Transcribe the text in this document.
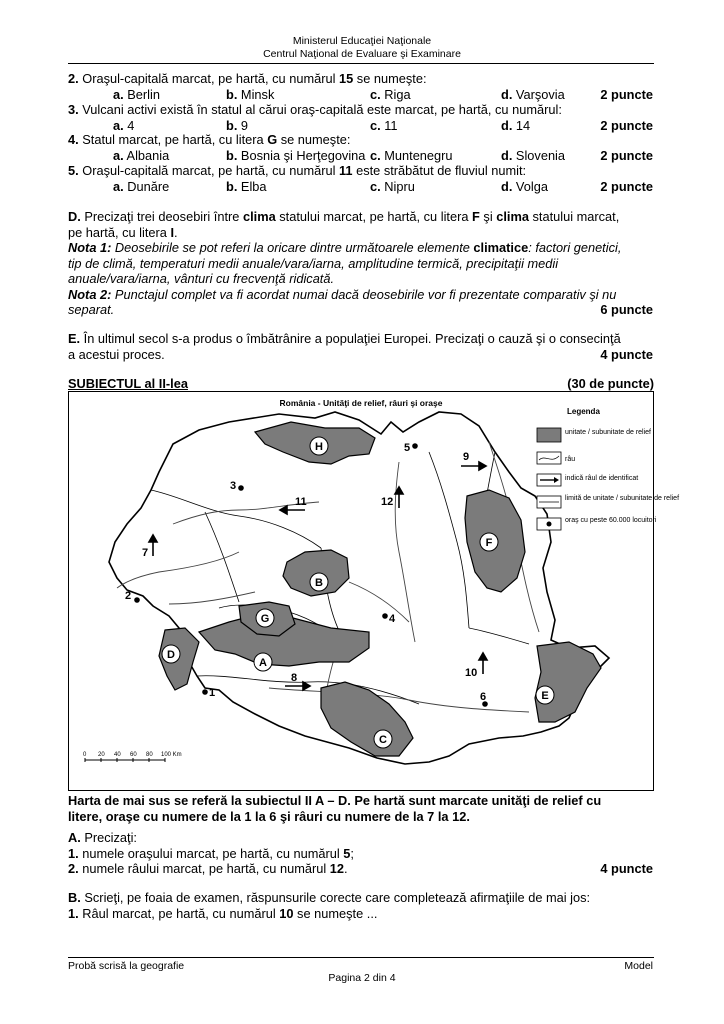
Ministerul Educaţiei Naţionale
Centrul Naţional de Evaluare şi Examinare
2. Oraşul-capitală marcat, pe hartă, cu numărul 15 se numeşte:
a. Berlin	b. Minsk	c. Riga	d. Varşovia	2 puncte
3. Vulcani activi există în statul al cărui oraş-capitală este marcat, pe hartă, cu numărul:
a. 4	b. 9	c. 11	d. 14	2 puncte
4. Statul marcat, pe hartă, cu litera G se numeşte:
a. Albania	b. Bosnia şi Herţegovina c. Muntenegru	d. Slovenia	2 puncte
5. Oraşul-capitală marcat, pe hartă, cu numărul 11 este străbătut de fluviul numit:
a. Dunăre	b. Elba	c. Nipru	d. Volga	2 puncte
D. Precizaţi trei deosebiri între clima statului marcat, pe hartă, cu litera F şi clima statului marcat,
pe hartă, cu litera I.
Nota 1: Deosebirile se pot referi la oricare dintre următoarele elemente climatice: factori genetici,
tip de climă, temperaturi medii anuale/vara/iarna, amplitudine termică, precipitaţii medii
anuale/vara/iarna, vânturi cu frecvenţă ridicată.
Nota 2: Punctajul complet va fi acordat numai dacă deosebirile vor fi prezentate comparativ şi nu
separat.	6 puncte
E. În ultimul secol s-a produs o îmbătrânire a populaţiei Europei. Precizaţi o cauză şi o consecinţă
a acestui proces.	4 puncte
SUBIECTUL al II-lea	(30 de puncte)
România - Unităţi de relief, râuri şi oraşe
H
F
B
G
D
A
E
C
1
2
3
4
5
6
7
9
10
11	12
8
Legenda
unitate / subunitate de relief
râu
indică râul de identificat
limită de unitate / subunitate de relief
oraş cu peste 60.000 locuitori
0 20 40 60 80 100 Km
Harta de mai sus se referă la subiectul II A – D. Pe hartă sunt marcate unităţi de relief cu
litere, oraşe cu numere de la 1 la 6 şi râuri cu numere de la 7 la 12.
A. Precizaţi:
1. numele oraşului marcat, pe hartă, cu numărul 5;
2. numele râului marcat, pe hartă, cu numărul 12.	4 puncte
B. Scrieţi, pe foaia de examen, răspunsurile corecte care completează afirmaţiile de mai jos:
1. Râul marcat, pe hartă, cu numărul 10 se numeşte ...
Probă scrisă la geografie
Pagina 2 din 4
Model
